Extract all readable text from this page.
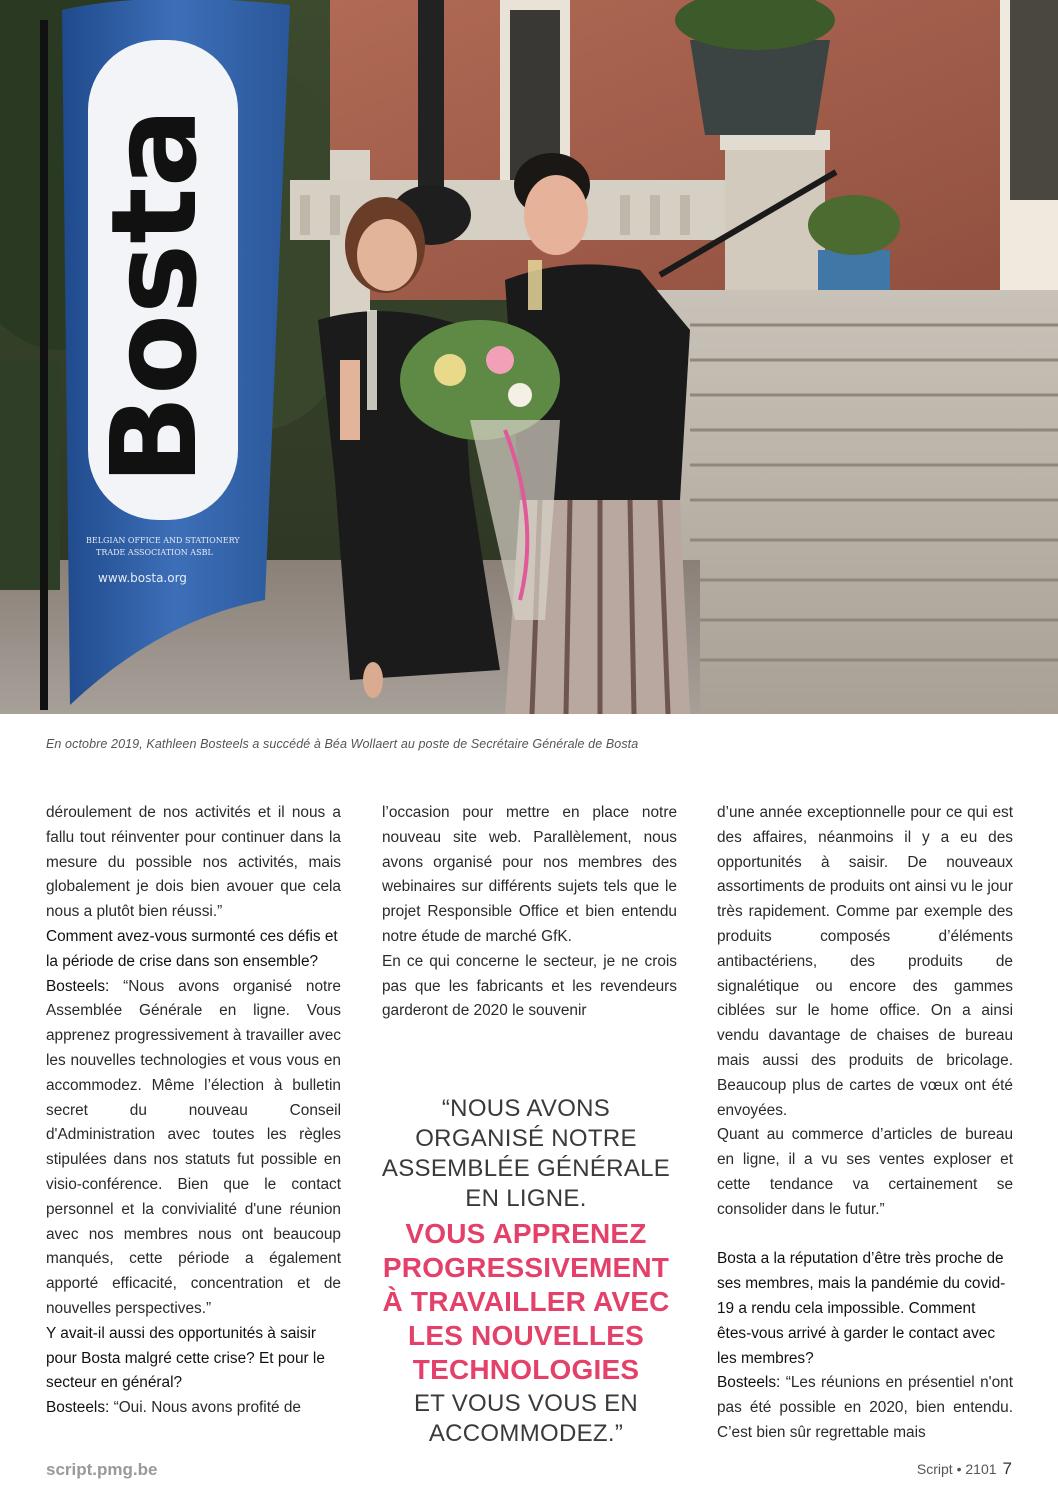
Bosta
BELGIAN OFFICE AND STATIONERY
TRADE ASSOCIATION ASBL
www.bosta.org
En octobre 2019, Kathleen Bosteels a succédé à Béa Wollaert au poste de Secrétaire Générale de Bosta

déroulement de nos activités et il nous a fallu tout réinventer pour continuer dans la mesure du possible nos activités, mais globalement je dois bien avouer que cela nous a plutôt bien réussi.”

Comment avez-vous surmonté ces défis et la période de crise dans son ensemble?

Bosteels: “Nous avons organisé notre Assemblée Générale en ligne. Vous apprenez progressivement à travailler avec les nouvelles technologies et vous vous en accommodez. Même l’élection à bulletin secret du nouveau Conseil d'Administration avec toutes les règles stipulées dans nos statuts fut possible en visio-conférence. Bien que le contact personnel et la convivialité d'une réunion avec nos membres nous ont beaucoup manqués, cette période a également apporté efficacité, concentration et de nouvelles perspectives.”

Y avait-il aussi des opportunités à saisir pour Bosta malgré cette crise? Et pour le secteur en général?

Bosteels: “Oui. Nous avons profité de

l’occasion pour mettre en place notre nouveau site web. Parallèlement, nous avons organisé pour nos membres des webinaires sur différents sujets tels que le projet Responsible Office et bien entendu notre étude de marché GfK.

En ce qui concerne le secteur, je ne crois pas que les fabricants et les revendeurs garderont de 2020 le souvenir

“NOUS AVONS
ORGANISÉ NOTRE
ASSEMBLÉE GÉNÉRALE
EN LIGNE.
VOUS APPRENEZ
PROGRESSIVEMENT
À TRAVAILLER AVEC
LES NOUVELLES
TECHNOLOGIES
ET VOUS VOUS EN
ACCOMMODEZ.”

d’une année exceptionnelle pour ce qui est des affaires, néanmoins il y a eu des opportunités à saisir. De nouveaux assortiments de produits ont ainsi vu le jour très rapidement. Comme par exemple des produits composés d’éléments antibactériens, des produits de signalétique ou encore des gammes ciblées sur le home office. On a ainsi vendu davantage de chaises de bureau mais aussi des produits de bricolage. Beaucoup plus de cartes de vœux ont été envoyées.

Quant au commerce d’articles de bureau en ligne, il a vu ses ventes exploser et cette tendance va certainement se consolider dans le futur.”

Bosta a la réputation d’être très proche de ses membres, mais la pandémie du covid-19 a rendu cela impossible. Comment êtes-vous arrivé à garder le contact avec les membres?

Bosteels: “Les réunions en présentiel n'ont pas été possible en 2020, bien entendu. C’est bien sûr regrettable mais

script.pmg.be	Script • 2101 7
